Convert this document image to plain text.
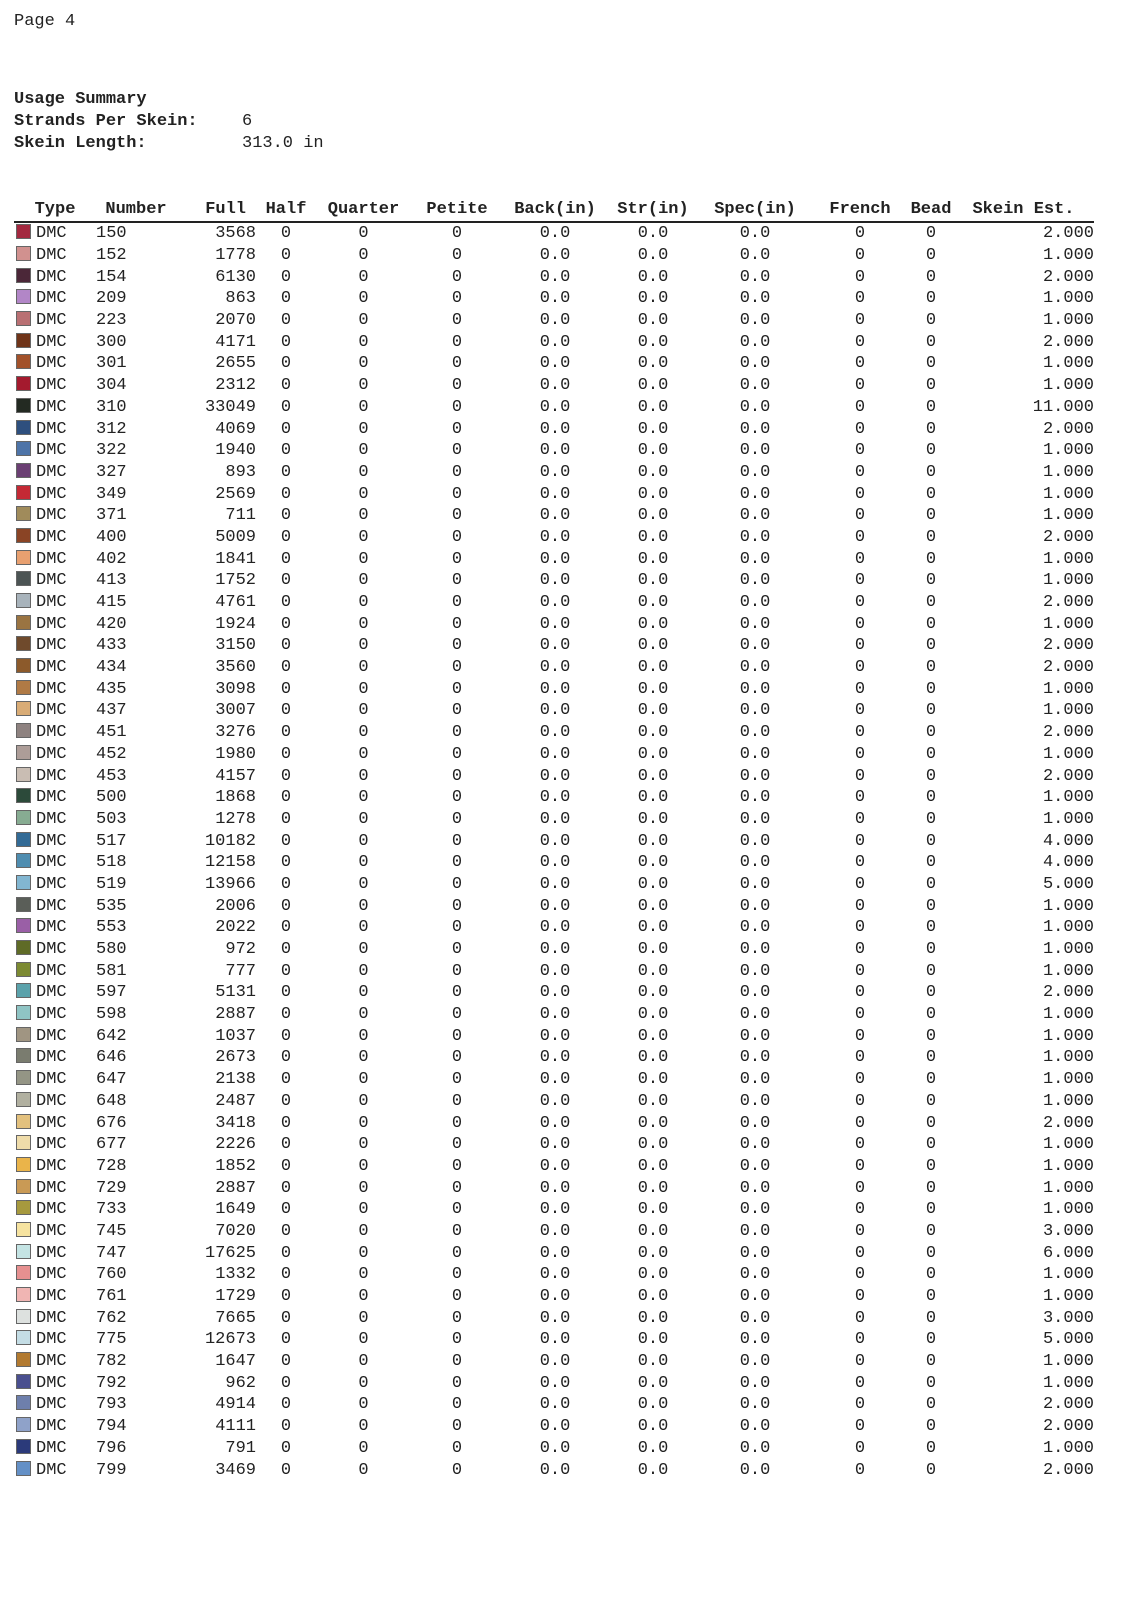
Page 4
Usage Summary
Strands Per Skein:	6
Skein Length:	313.0 in
Type	Number	Full	Half	Quarter	Petite	Back(in)	Str(in)	Spec(in)	French	Bead	Skein Est.
DMC	150	3568	0	0	0	0.0	0.0	0.0	0	0	2.000
DMC	152	1778	0	0	0	0.0	0.0	0.0	0	0	1.000
DMC	154	6130	0	0	0	0.0	0.0	0.0	0	0	2.000
DMC	209	863	0	0	0	0.0	0.0	0.0	0	0	1.000
DMC	223	2070	0	0	0	0.0	0.0	0.0	0	0	1.000
DMC	300	4171	0	0	0	0.0	0.0	0.0	0	0	2.000
DMC	301	2655	0	0	0	0.0	0.0	0.0	0	0	1.000
DMC	304	2312	0	0	0	0.0	0.0	0.0	0	0	1.000
DMC	310	33049	0	0	0	0.0	0.0	0.0	0	0	11.000
DMC	312	4069	0	0	0	0.0	0.0	0.0	0	0	2.000
DMC	322	1940	0	0	0	0.0	0.0	0.0	0	0	1.000
DMC	327	893	0	0	0	0.0	0.0	0.0	0	0	1.000
DMC	349	2569	0	0	0	0.0	0.0	0.0	0	0	1.000
DMC	371	711	0	0	0	0.0	0.0	0.0	0	0	1.000
DMC	400	5009	0	0	0	0.0	0.0	0.0	0	0	2.000
DMC	402	1841	0	0	0	0.0	0.0	0.0	0	0	1.000
DMC	413	1752	0	0	0	0.0	0.0	0.0	0	0	1.000
DMC	415	4761	0	0	0	0.0	0.0	0.0	0	0	2.000
DMC	420	1924	0	0	0	0.0	0.0	0.0	0	0	1.000
DMC	433	3150	0	0	0	0.0	0.0	0.0	0	0	2.000
DMC	434	3560	0	0	0	0.0	0.0	0.0	0	0	2.000
DMC	435	3098	0	0	0	0.0	0.0	0.0	0	0	1.000
DMC	437	3007	0	0	0	0.0	0.0	0.0	0	0	1.000
DMC	451	3276	0	0	0	0.0	0.0	0.0	0	0	2.000
DMC	452	1980	0	0	0	0.0	0.0	0.0	0	0	1.000
DMC	453	4157	0	0	0	0.0	0.0	0.0	0	0	2.000
DMC	500	1868	0	0	0	0.0	0.0	0.0	0	0	1.000
DMC	503	1278	0	0	0	0.0	0.0	0.0	0	0	1.000
DMC	517	10182	0	0	0	0.0	0.0	0.0	0	0	4.000
DMC	518	12158	0	0	0	0.0	0.0	0.0	0	0	4.000
DMC	519	13966	0	0	0	0.0	0.0	0.0	0	0	5.000
DMC	535	2006	0	0	0	0.0	0.0	0.0	0	0	1.000
DMC	553	2022	0	0	0	0.0	0.0	0.0	0	0	1.000
DMC	580	972	0	0	0	0.0	0.0	0.0	0	0	1.000
DMC	581	777	0	0	0	0.0	0.0	0.0	0	0	1.000
DMC	597	5131	0	0	0	0.0	0.0	0.0	0	0	2.000
DMC	598	2887	0	0	0	0.0	0.0	0.0	0	0	1.000
DMC	642	1037	0	0	0	0.0	0.0	0.0	0	0	1.000
DMC	646	2673	0	0	0	0.0	0.0	0.0	0	0	1.000
DMC	647	2138	0	0	0	0.0	0.0	0.0	0	0	1.000
DMC	648	2487	0	0	0	0.0	0.0	0.0	0	0	1.000
DMC	676	3418	0	0	0	0.0	0.0	0.0	0	0	2.000
DMC	677	2226	0	0	0	0.0	0.0	0.0	0	0	1.000
DMC	728	1852	0	0	0	0.0	0.0	0.0	0	0	1.000
DMC	729	2887	0	0	0	0.0	0.0	0.0	0	0	1.000
DMC	733	1649	0	0	0	0.0	0.0	0.0	0	0	1.000
DMC	745	7020	0	0	0	0.0	0.0	0.0	0	0	3.000
DMC	747	17625	0	0	0	0.0	0.0	0.0	0	0	6.000
DMC	760	1332	0	0	0	0.0	0.0	0.0	0	0	1.000
DMC	761	1729	0	0	0	0.0	0.0	0.0	0	0	1.000
DMC	762	7665	0	0	0	0.0	0.0	0.0	0	0	3.000
DMC	775	12673	0	0	0	0.0	0.0	0.0	0	0	5.000
DMC	782	1647	0	0	0	0.0	0.0	0.0	0	0	1.000
DMC	792	962	0	0	0	0.0	0.0	0.0	0	0	1.000
DMC	793	4914	0	0	0	0.0	0.0	0.0	0	0	2.000
DMC	794	4111	0	0	0	0.0	0.0	0.0	0	0	2.000
DMC	796	791	0	0	0	0.0	0.0	0.0	0	0	1.000
DMC	799	3469	0	0	0	0.0	0.0	0.0	0	0	2.000
